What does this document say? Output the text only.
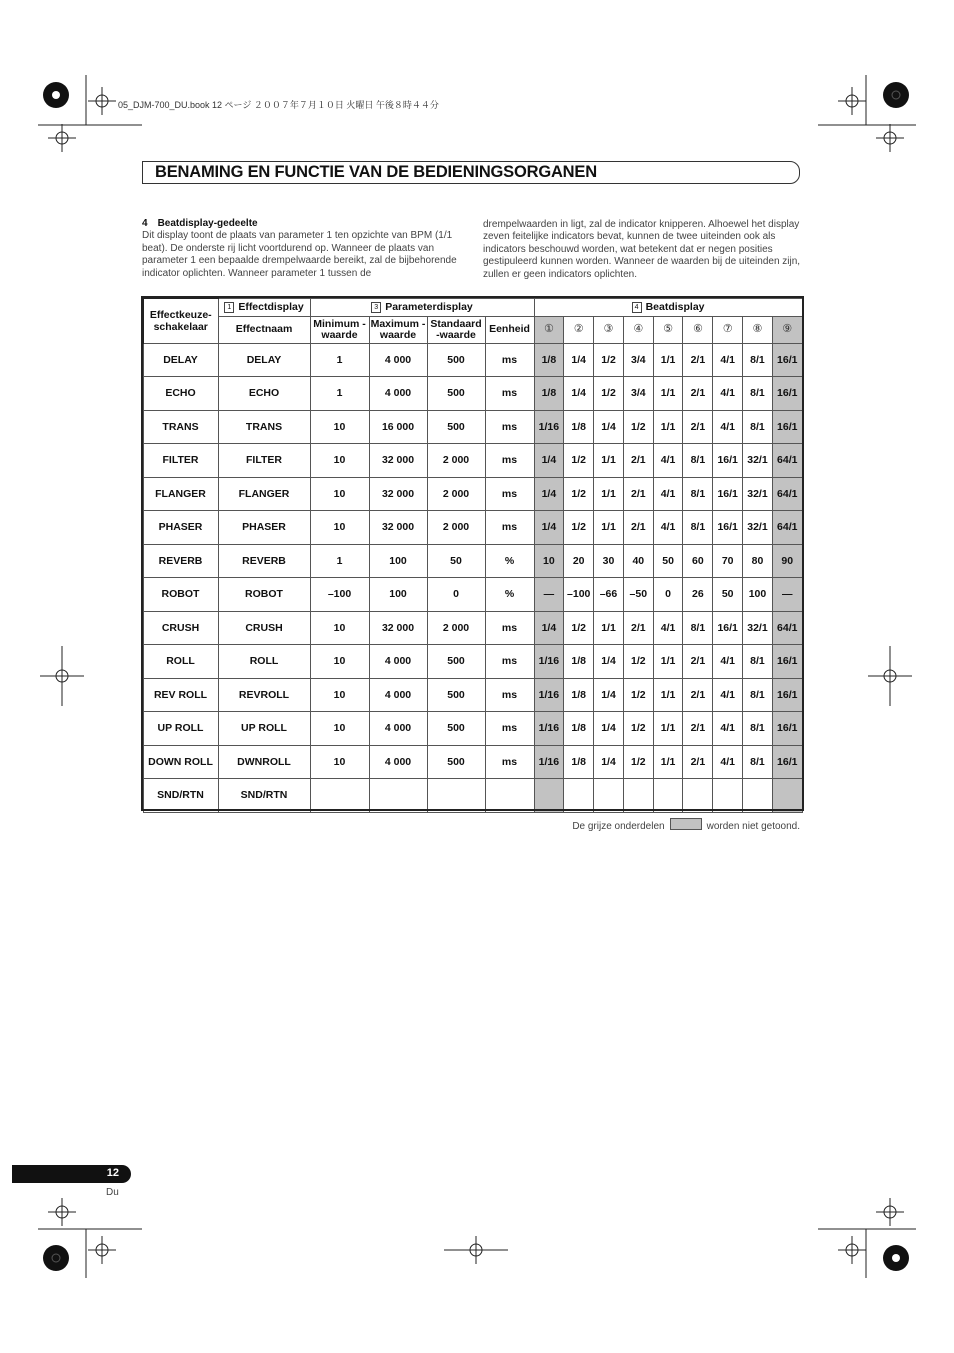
05_DJM-700_DU.book 12 ページ ２００７年７月１０日 火曜日 午後８時４４分
BENAMING EN FUNCTIE VAN DE BEDIENINGSORGANEN
4 Beatdisplay-gedeelte
Dit display toont de plaats van parameter 1 ten opzichte van BPM (1/1 beat). De onderste rij licht voortdurend op. Wanneer de plaats van parameter 1 een bepaalde drempelwaarde bereikt, zal de bijbehorende indicator oplichten. Wanneer parameter 1 tussen de
drempelwaarden in ligt, zal de indicator knipperen. Alhoewel het display zeven feitelijke indicators bevat, kunnen de twee uiteinden ook als indicators beschouwd worden, wat betekent dat er negen posities gestipuleerd kunnen worden. Wanneer de waarden bij de uiteinden zijn, zullen er geen indicators oplichten.
Effectkeuze-schakelaar	1 Effectdisplay	3 Parameterdisplay				4 Beatdisplay								
	Effectnaam	Minimum -waarde	Maximum -waarde	Standaard -waarde	Eenheid	①	②	③	④	⑤	⑥	⑦	⑧	⑨
DELAY	DELAY	1	4 000	500	ms	1/8	1/4	1/2	3/4	1/1	2/1	4/1	8/1	16/1
ECHO	ECHO	1	4 000	500	ms	1/8	1/4	1/2	3/4	1/1	2/1	4/1	8/1	16/1
TRANS	TRANS	10	16 000	500	ms	1/16	1/8	1/4	1/2	1/1	2/1	4/1	8/1	16/1
FILTER	FILTER	10	32 000	2 000	ms	1/4	1/2	1/1	2/1	4/1	8/1	16/1	32/1	64/1
FLANGER	FLANGER	10	32 000	2 000	ms	1/4	1/2	1/1	2/1	4/1	8/1	16/1	32/1	64/1
PHASER	PHASER	10	32 000	2 000	ms	1/4	1/2	1/1	2/1	4/1	8/1	16/1	32/1	64/1
REVERB	REVERB	1	100	50	%	10	20	30	40	50	60	70	80	90
ROBOT	ROBOT	–100	100	0	%	—	–100	–66	–50	0	26	50	100	—
CRUSH	CRUSH	10	32 000	2 000	ms	1/4	1/2	1/1	2/1	4/1	8/1	16/1	32/1	64/1
ROLL	ROLL	10	4 000	500	ms	1/16	1/8	1/4	1/2	1/1	2/1	4/1	8/1	16/1
REV ROLL	REVROLL	10	4 000	500	ms	1/16	1/8	1/4	1/2	1/1	2/1	4/1	8/1	16/1
UP ROLL	UP ROLL	10	4 000	500	ms	1/16	1/8	1/4	1/2	1/1	2/1	4/1	8/1	16/1
DOWN ROLL	DWNROLL	10	4 000	500	ms	1/16	1/8	1/4	1/2	1/1	2/1	4/1	8/1	16/1
SND/RTN	SND/RTN													
De grijze onderdelen	worden niet getoond.
12
Du
